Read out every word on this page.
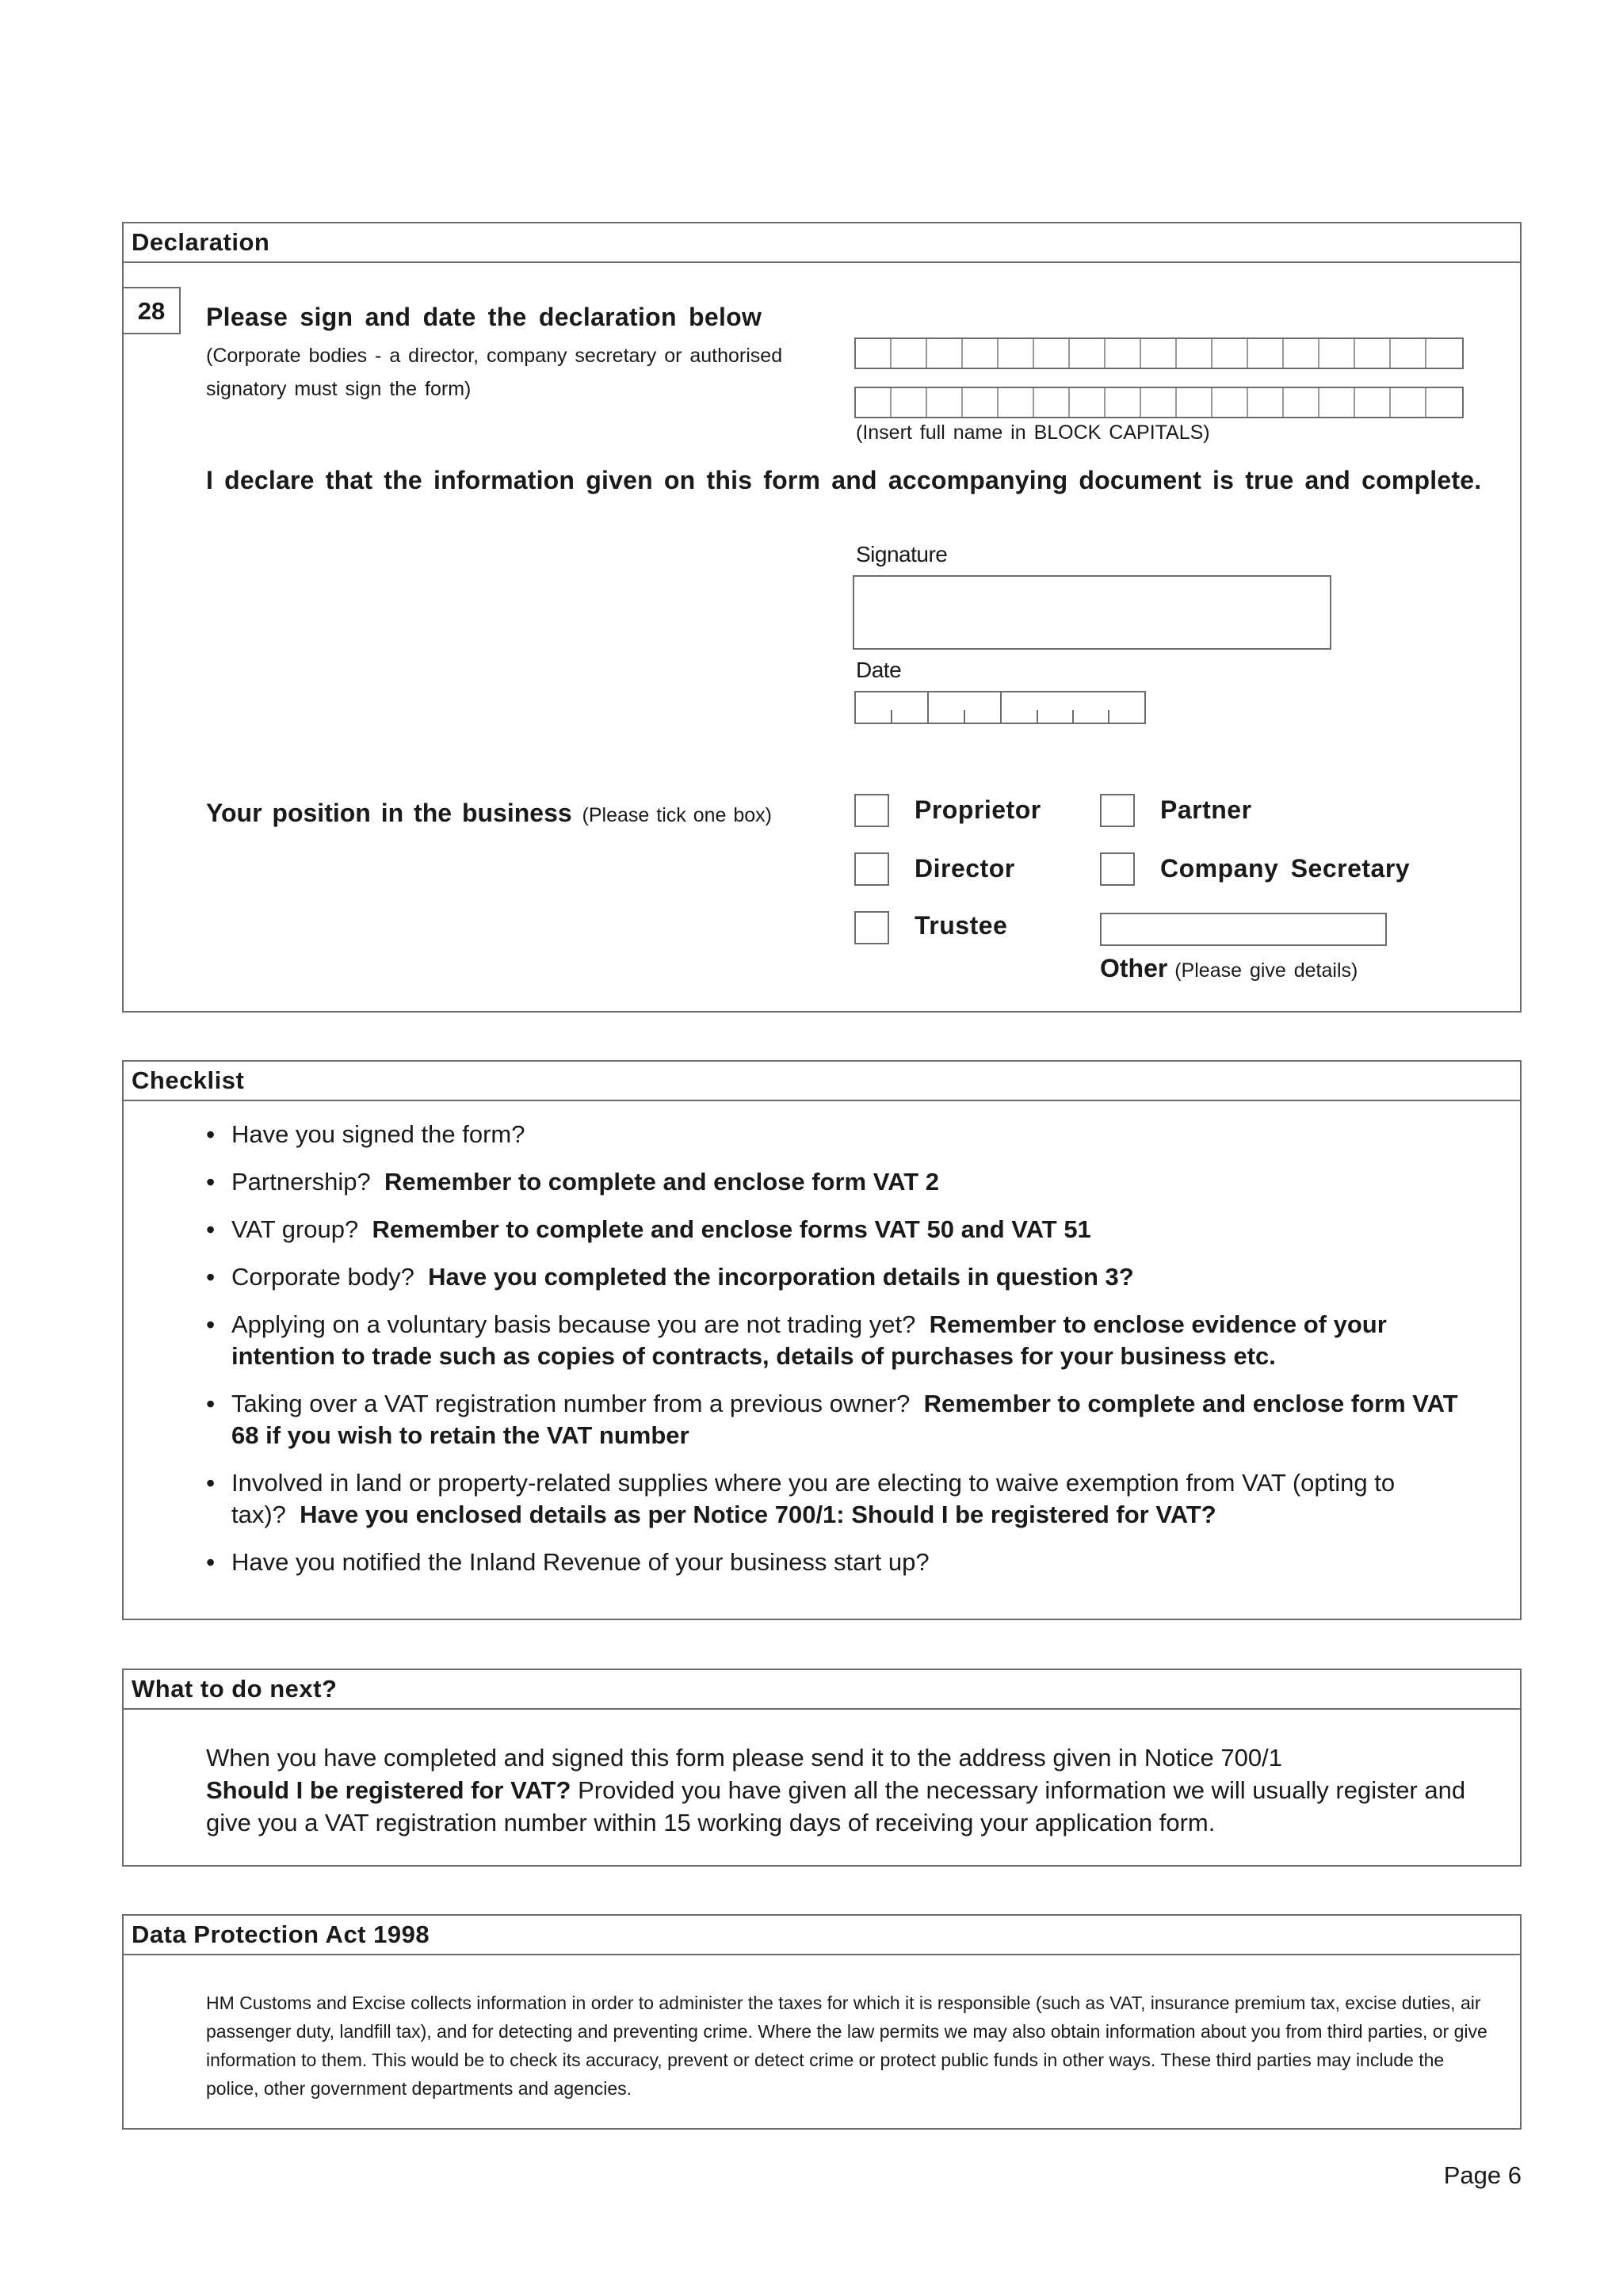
Declaration
28	Please sign and date the declaration below
(Corporate bodies - a director, company secretary or authorised
signatory must sign the form)
(Insert full name in BLOCK CAPITALS)
I declare that the information given on this form and accompanying document is true and complete.
Signature
Date
Your position in the business (Please tick one box)	Proprietor	Partner
Director	Company Secretary
Trustee
Other (Please give details)
Checklist
• Have you signed the form?
• Partnership? Remember to complete and enclose form VAT 2
• VAT group? Remember to complete and enclose forms VAT 50 and VAT 51
• Corporate body? Have you completed the incorporation details in question 3?
• Applying on a voluntary basis because you are not trading yet? Remember to enclose evidence of your intention to trade such as copies of contracts, details of purchases for your business etc.
• Taking over a VAT registration number from a previous owner? Remember to complete and enclose form VAT 68 if you wish to retain the VAT number
• Involved in land or property-related supplies where you are electing to waive exemption from VAT (opting to tax)? Have you enclosed details as per Notice 700/1: Should I be registered for VAT?
• Have you notified the Inland Revenue of your business start up?
What to do next?
When you have completed and signed this form please send it to the address given in Notice 700/1
Should I be registered for VAT? Provided you have given all the necessary information we will usually register and give you a VAT registration number within 15 working days of receiving your application form.
Data Protection Act 1998
HM Customs and Excise collects information in order to administer the taxes for which it is responsible (such as VAT, insurance premium tax, excise duties, air passenger duty, landfill tax), and for detecting and preventing crime. Where the law permits we may also obtain information about you from third parties, or give information to them. This would be to check its accuracy, prevent or detect crime or protect public funds in other ways. These third parties may include the police, other government departments and agencies.
Page 6
